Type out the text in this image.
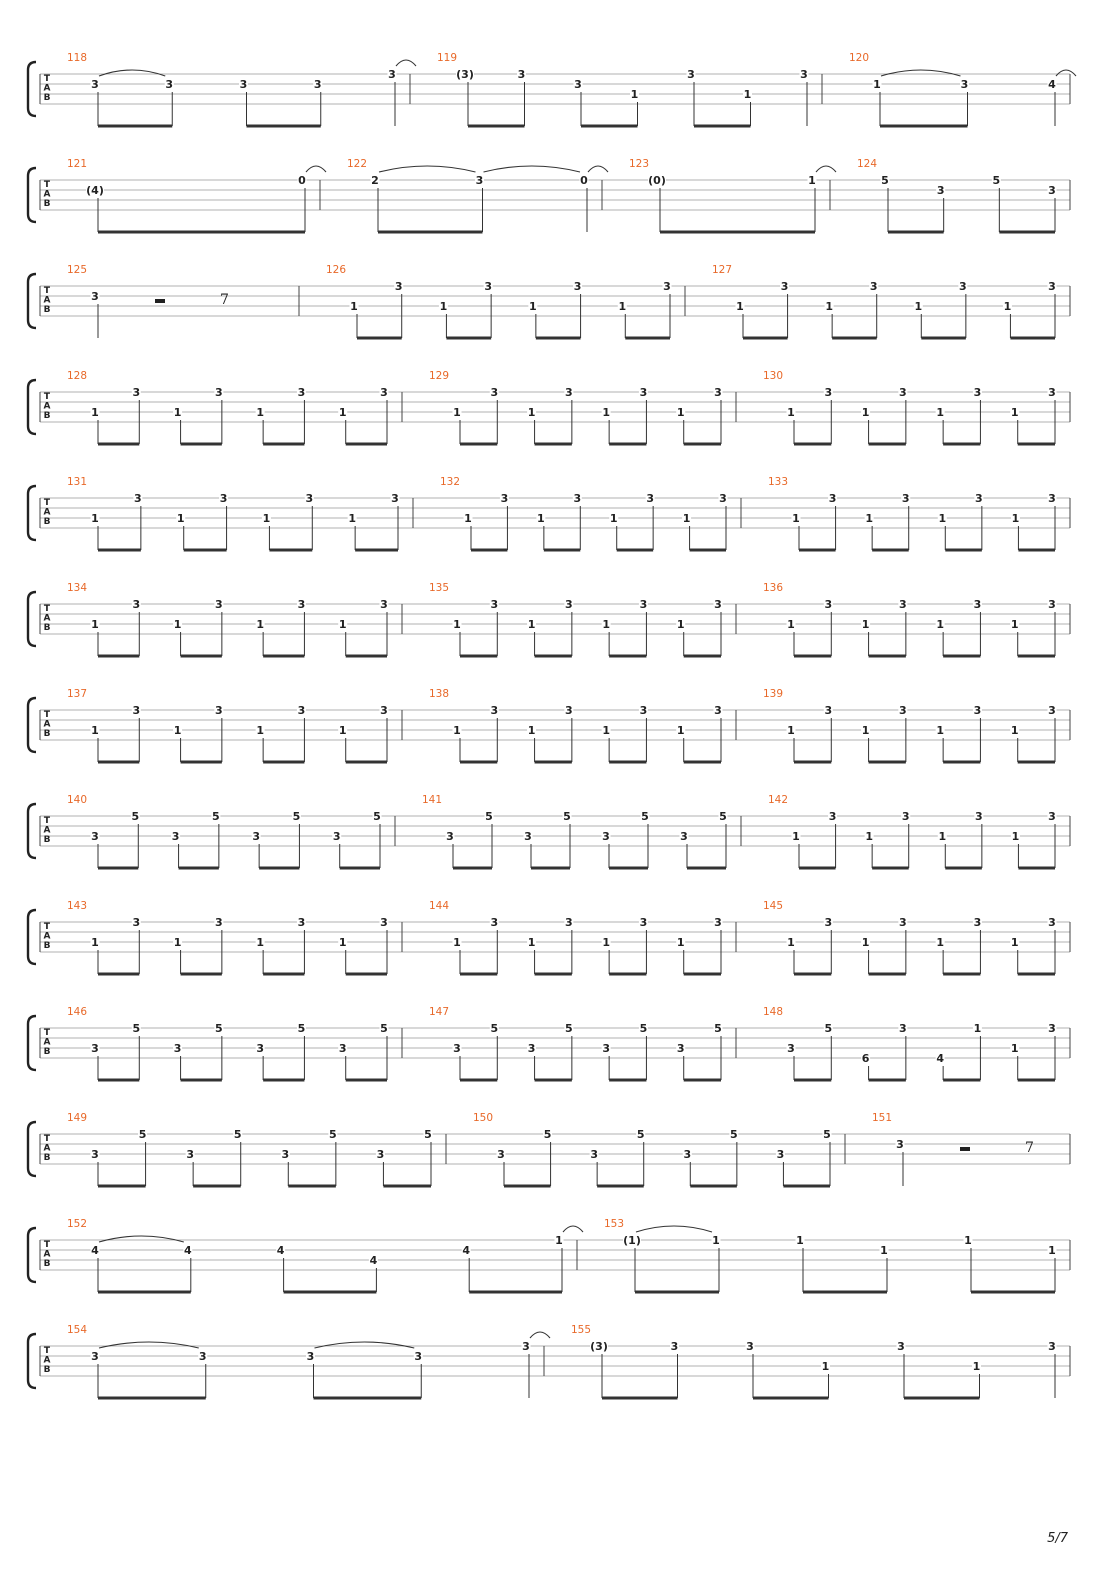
T
A
B
118
3	3	3	3
3
119
(3)	3
3
1
3
1
3
120
1	3	4
T
A
B
121
(4)
0
122
2	3	0
123
(0)	1
124
5
3
5
3
T
A
B
125
3	7
126
1
3
1
3
1
3
1
3
127
1
3
1
3
1
3
1
3
T
A
B
128
1
3
1
3
1
3
1
3
129
1
3
1
3
1
3
1
3
130
1
3
1
3
1
3
1
3
T
A
B
131
1
3
1
3
1
3
1
3
132
1
3
1
3
1
3
1
3
133
1
3
1
3
1
3
1
3
T
A
B
134
1
3
1
3
1
3
1
3
135
1
3
1
3
1
3
1
3
136
1
3
1
3
1
3
1
3
T
A
B
137
1
3
1
3
1
3
1
3
138
1
3
1
3
1
3
1
3
139
1
3
1
3
1
3
1
3
T
A
B
140
3
5
3
5
3
5
3
5
141
3
5
3
5
3
5
3
5
142
1
3
1
3
1
3
1
3
T
A
B
143
1
3
1
3
1
3
1
3
144
1
3
1
3
1
3
1
3
145
1
3
1
3
1
3
1
3
T
A
B
146
3
5
3
5
3
5
3
5
147
3
5
3
5
3
5
3
5
148
3
5
6
3
4
1
1
3
T
A
B
149
3
5
3
5
3
5
3
5
150
3
5
3
5
3
5
3
5
151
3	7
T
A
B
152
4	4	4
4
4
1
153
(1)	1	1
1
1
1
T
A
B
154
3	3	3	3
3
155
(3)	3	3
1
3
1
3
5/7
